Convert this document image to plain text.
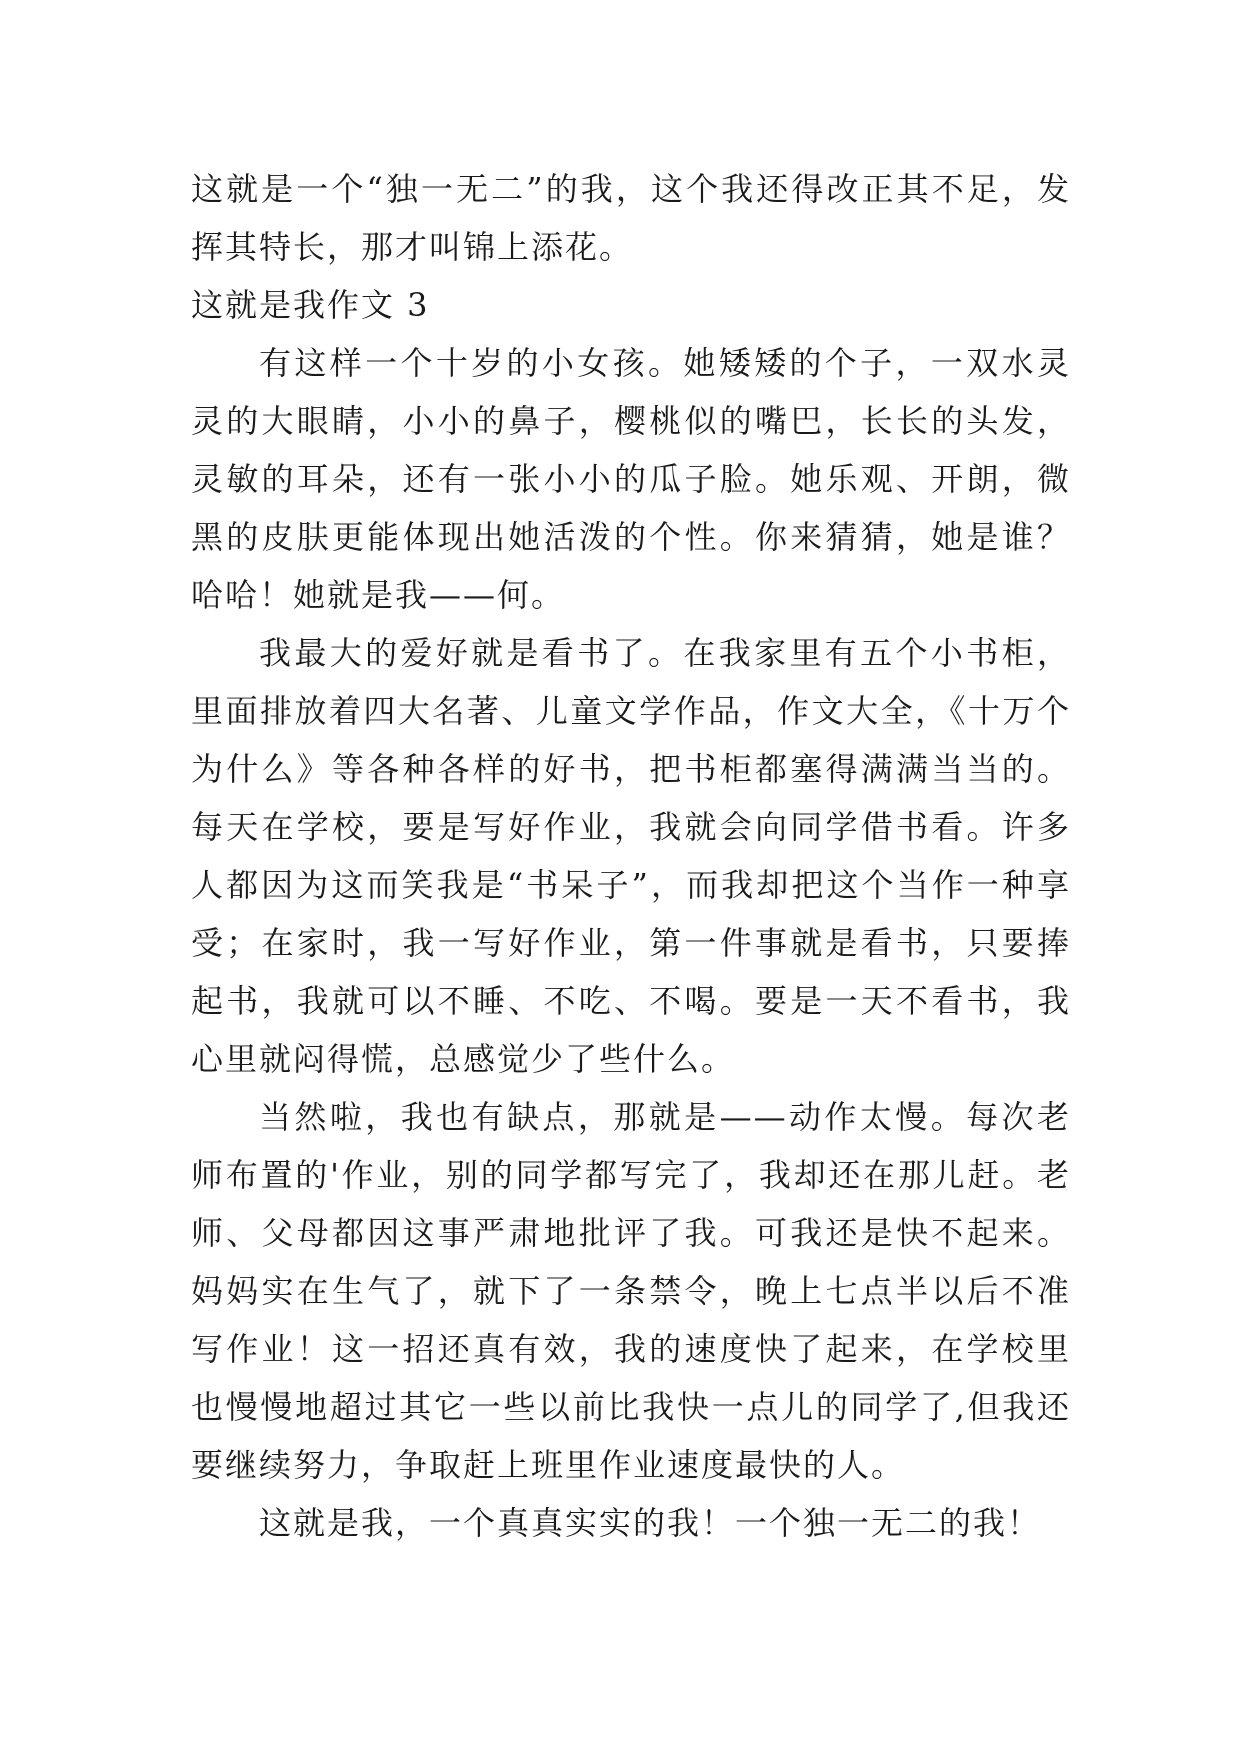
这就是一个“独一无二”的我，这个我还得改正其不足，发挥其特长，那才叫锦上添花。

这就是我作文 3

有这样一个十岁的小女孩。她矮矮的个子，一双水灵灵的大眼睛，小小的鼻子，樱桃似的嘴巴，长长的头发，灵敏的耳朵，还有一张小小的瓜子脸。她乐观、开朗，微黑的皮肤更能体现出她活泼的个性。你来猜猜，她是谁？哈哈！她就是我——何。

我最大的爱好就是看书了。在我家里有五个小书柜，里面排放着四大名著、儿童文学作品，作文大全，《十万个为什么》等各种各样的好书，把书柜都塞得满满当当的。每天在学校，要是写好作业，我就会向同学借书看。许多人都因为这而笑我是“书呆子”，而我却把这个当作一种享受；在家时，我一写好作业，第一件事就是看书，只要捧起书，我就可以不睡、不吃、不喝。要是一天不看书，我心里就闷得慌，总感觉少了些什么。

当然啦，我也有缺点，那就是——动作太慢。每次老师布置的'作业，别的同学都写完了，我却还在那儿赶。老师、父母都因这事严肃地批评了我。可我还是快不起来。妈妈实在生气了，就下了一条禁令，晚上七点半以后不准写作业！这一招还真有效，我的速度快了起来，在学校里也慢慢地超过其它一些以前比我快一点儿的同学了,但我还要继续努力，争取赶上班里作业速度最快的人。

这就是我，一个真真实实的我！一个独一无二的我！
